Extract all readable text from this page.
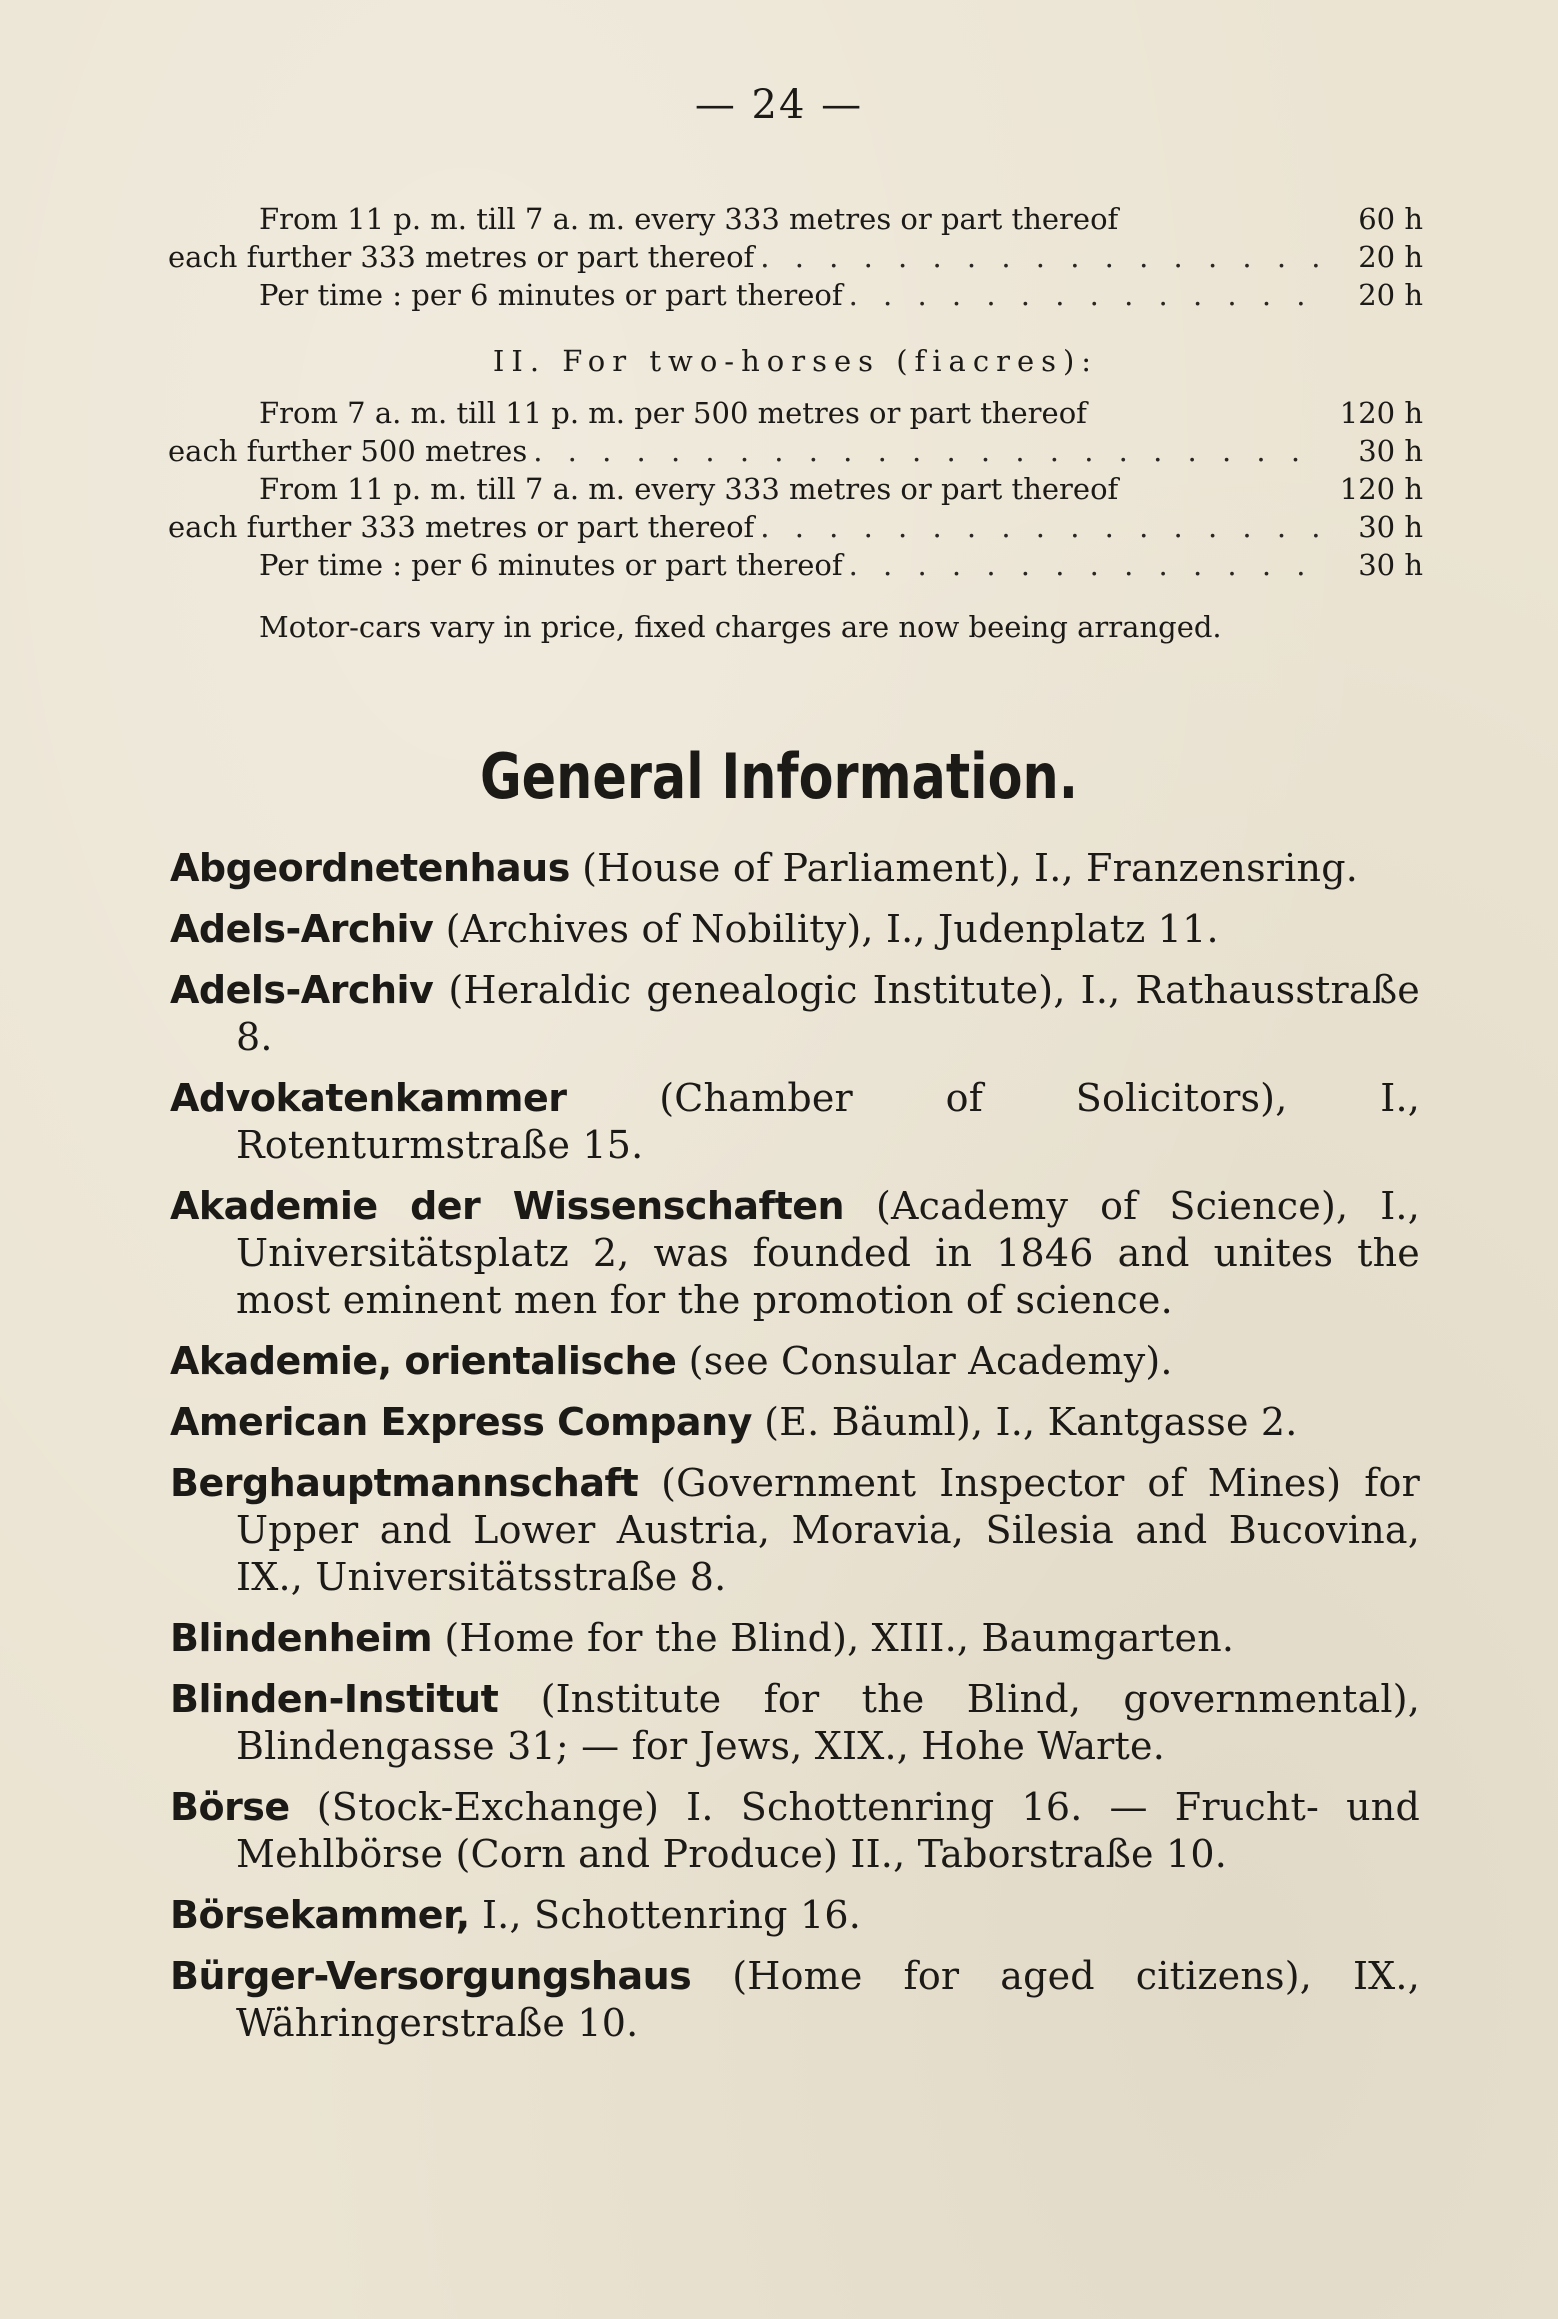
— 24 —
From 11 p. m. till 7 a. m. every 333 metres or part thereof	60 h
each further 333 metres or part thereof . . .	20 h
Per time : per 6 minutes or part thereof . . .	20 h
II. For two-horses (fiacres):
From 7 a. m. till 11 p. m. per 500 metres or part thereof	120 h
each further 500 metres . . .	30 h
From 11 p. m. till 7 a. m. every 333 metres or part thereof	120 h
each further 333 metres or part thereof . . .	30 h
Per time : per 6 minutes or part thereof . . .	30 h
Motor-cars vary in price, fixed charges are now beeing arranged.
General Information.
Abgeordnetenhaus (House of Parliament), I., Franzensring.
Adels-Archiv (Archives of Nobility), I., Judenplatz 11.
Adels-Archiv (Heraldic genealogic Institute), I., Rathausstraße 8.
Advokatenkammer (Chamber of Solicitors), I., Rotenturmstraße 15.
Akademie der Wissenschaften (Academy of Science), I., Universitätsplatz 2, was founded in 1846 and unites the most eminent men for the promotion of science.
Akademie, orientalische (see Consular Academy).
American Express Company (E. Bäuml), I., Kantgasse 2.
Berghauptmannschaft (Government Inspector of Mines) for Upper and Lower Austria, Moravia, Silesia and Bucovina, IX., Universitätsstraße 8.
Blindenheim (Home for the Blind), XIII., Baumgarten.
Blinden-Institut (Institute for the Blind, governmental), Blindengasse 31; — for Jews, XIX., Hohe Warte.
Börse (Stock-Exchange) I. Schottenring 16. — Frucht- und Mehlbörse (Corn and Produce) II., Taborstraße 10.
Börsekammer, I., Schottenring 16.
Bürger-Versorgungshaus (Home for aged citizens), IX., Währingerstraße 10.
